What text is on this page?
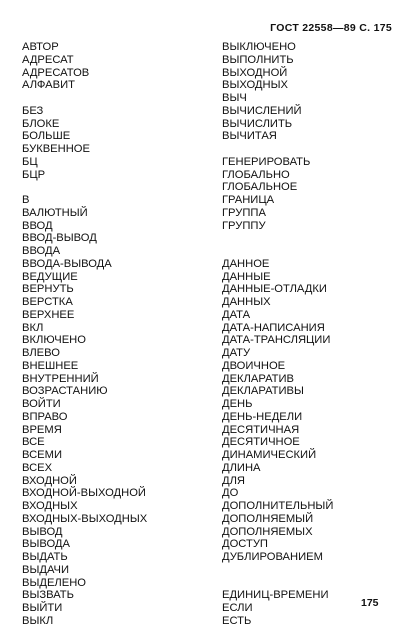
ГОСТ 22558—89 С. 175
АВТОР
АДРЕСАТ
АДРЕСАТОВ
АЛФАВИТ
БЕЗ
БЛОКЕ
БОЛЬШЕ
БУКВЕННОЕ
БЦ
БЦР
В
ВАЛЮТНЫЙ
ВВОД
ВВОД-ВЫВОД
ВВОДА
ВВОДА-ВЫВОДА
ВЕДУЩИЕ
ВЕРНУТЬ
ВЕРСТКА
ВЕРХНЕЕ
ВКЛ
ВКЛЮЧЕНО
ВЛЕВО
ВНЕШНЕЕ
ВНУТРЕННИЙ
ВОЗРАСТАНИЮ
ВОЙТИ
ВПРАВО
ВРЕМЯ
ВСЕ
ВСЕМИ
ВСЕХ
ВХОДНОЙ
ВХОДНОЙ-ВЫХОДНОЙ
ВХОДНЫХ
ВХОДНЫХ-ВЫХОДНЫХ
ВЫВОД
ВЫВОДА
ВЫДАТЬ
ВЫДАЧИ
ВЫДЕЛЕНО
ВЫЗВАТЬ
ВЫЙТИ
ВЫКЛ
ВЫКЛЮЧЕНО
ВЫПОЛНИТЬ
ВЫХОДНОЙ
ВЫХОДНЫХ
ВЫЧ
ВЫЧИСЛЕНИЙ
ВЫЧИСЛИТЬ
ВЫЧИТАЯ
ГЕНЕРИРОВАТЬ
ГЛОБАЛЬНО
ГЛОБАЛЬНОЕ
ГРАНИЦА
ГРУППА
ГРУППУ
ДАННОЕ
ДАННЫЕ
ДАННЫЕ-ОТЛАДКИ
ДАННЫХ
ДАТА
ДАТА-НАПИСАНИЯ
ДАТА-ТРАНСЛЯЦИИ
ДАТУ
ДВОИЧНОЕ
ДЕКЛАРАТИВ
ДЕКЛАРАТИВЫ
ДЕНЬ
ДЕНЬ-НЕДЕЛИ
ДЕСЯТИЧНАЯ
ДЕСЯТИЧНОЕ
ДИНАМИЧЕСКИЙ
ДЛИНА
ДЛЯ
ДО
ДОПОЛНИТЕЛЬНЫЙ
ДОПОЛНЯЕМЫЙ
ДОПОЛНЯЕМЫХ
ДОСТУП
ДУБЛИРОВАНИЕМ
ЕДИНИЦ-ВРЕМЕНИ
ЕСЛИ
ЕСТЬ
175
